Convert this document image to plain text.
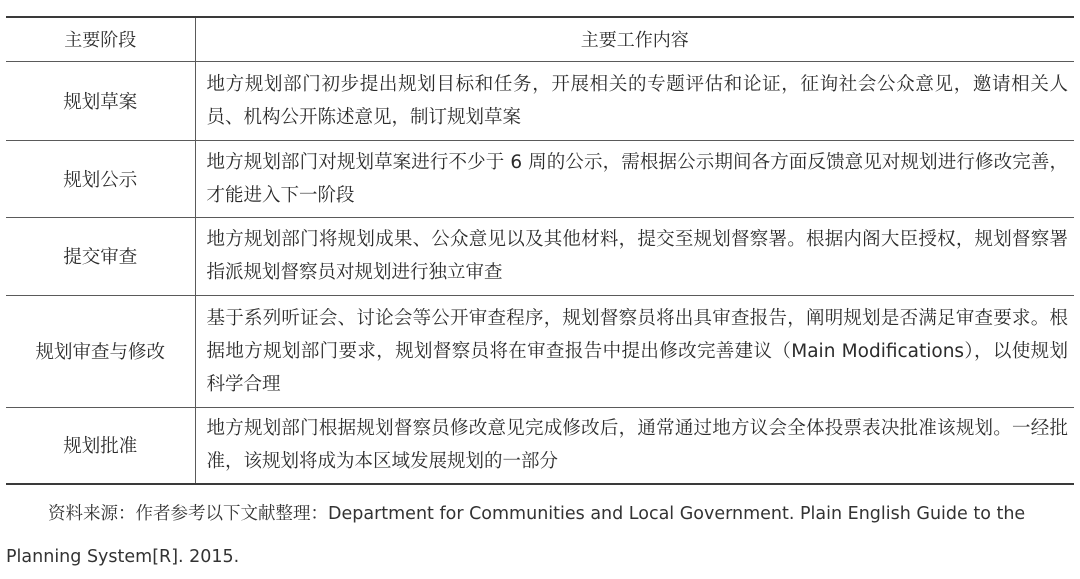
主要阶段	主要工作内容
规划草案	地方规划部门初步提出规划目标和任务，开展相关的专题评估和论证，征询社会公众意见，邀请相关人员、机构公开陈述意见，制订规划草案
规划公示	地方规划部门对规划草案进行不少于 6 周的公示，需根据公示期间各方面反馈意见对规划进行修改完善，才能进入下一阶段
提交审查	地方规划部门将规划成果、公众意见以及其他材料，提交至规划督察署。根据内阁大臣授权，规划督察署指派规划督察员对规划进行独立审查
规划审查与修改	基于系列听证会、讨论会等公开审查程序，规划督察员将出具审查报告，阐明规划是否满足审查要求。根据地方规划部门要求，规划督察员将在审查报告中提出修改完善建议（Main Modifications），以使规划科学合理
规划批准	地方规划部门根据规划督察员修改意见完成修改后，通常通过地方议会全体投票表决批准该规划。一经批准，该规划将成为本区域发展规划的一部分

资料来源：作者参考以下文献整理：Department for Communities and Local Government. Plain English Guide to the Planning System[R]. 2015.
